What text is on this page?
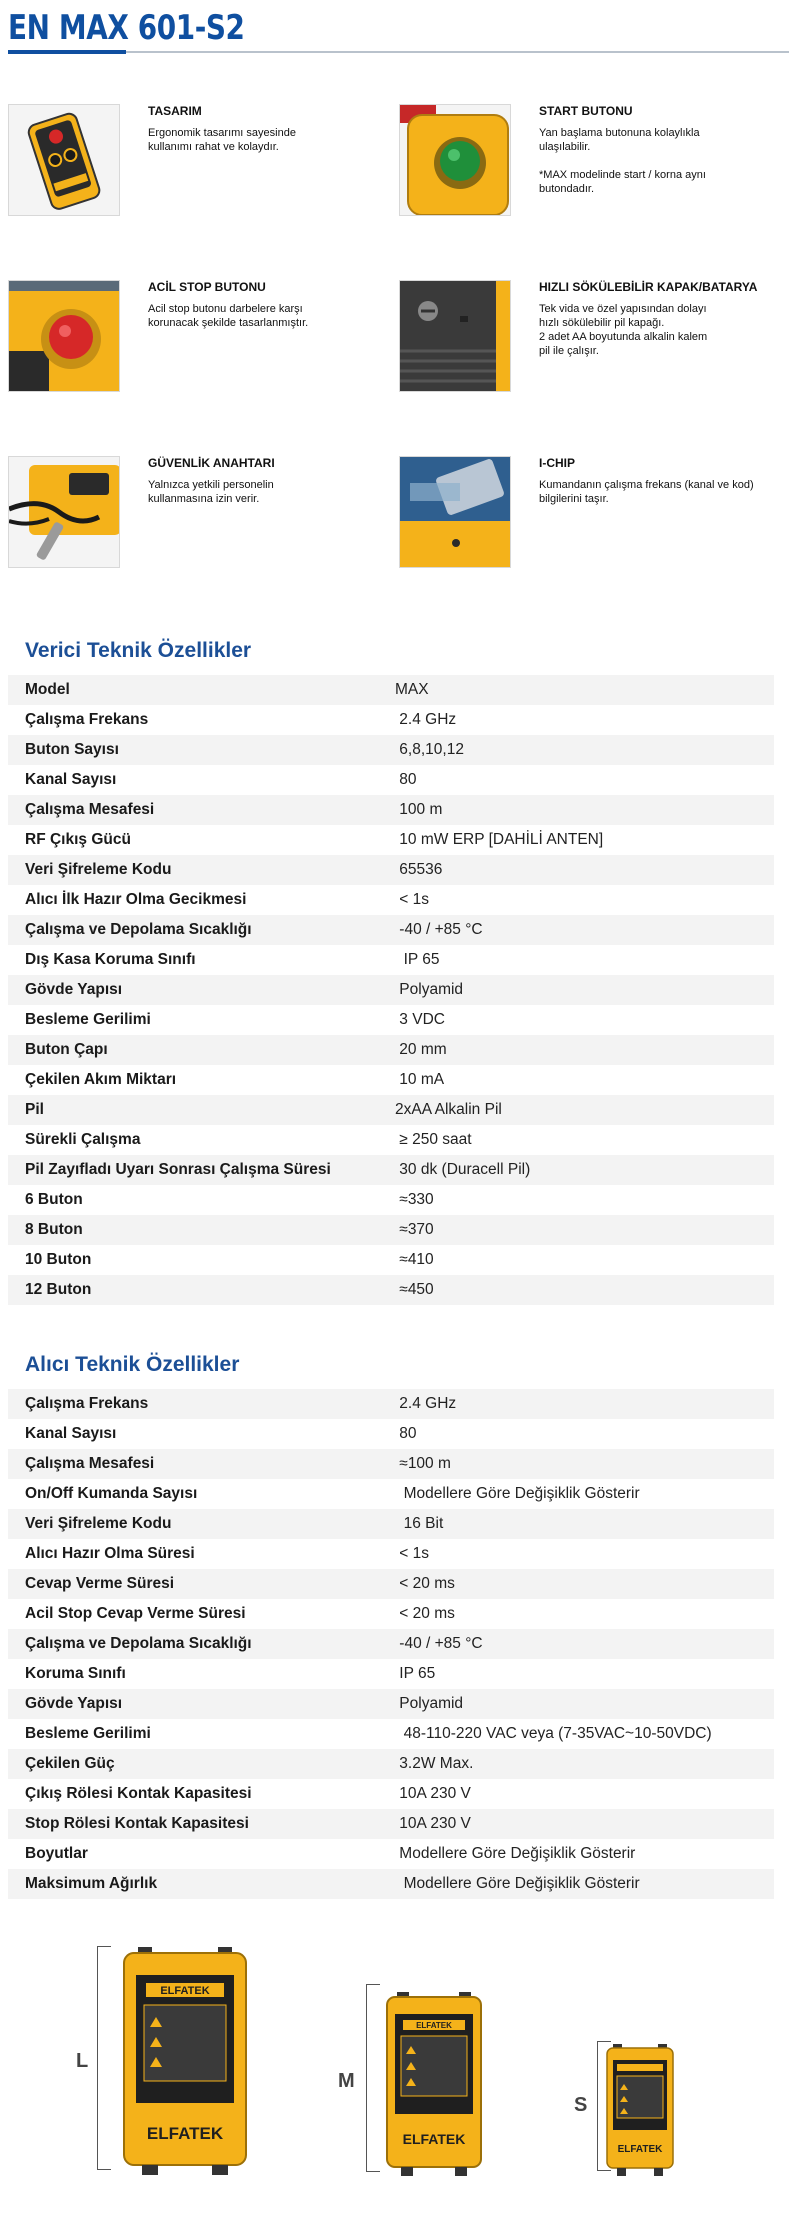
EN MAX 601-S2
TASARIM
Ergonomik tasarımı sayesinde
kullanımı rahat ve kolaydır.
START BUTONU
Yan başlama butonuna kolaylıkla
ulaşılabilir.

*MAX modelinde start / korna aynı
butondadır.
ACİL STOP BUTONU
Acil stop butonu darbelere karşı
korunacak şekilde tasarlanmıştır.
HIZLI SÖKÜLEBİLİR KAPAK/BATARYA
Tek vida ve özel yapısından dolayı
hızlı sökülebilir pil kapağı.
2 adet AA boyutunda alkalin kalem
pil ile çalışır.
GÜVENLİK ANAHTARI
Yalnızca yetkili personelin
kullanmasına izin verir.
I-CHIP
Kumandanın çalışma frekans (kanal ve kod)
bilgilerini taşır.
Verici Teknik Özellikler
Model	MAX
Çalışma Frekans	2.4 GHz
Buton Sayısı	6,8,10,12
Kanal Sayısı	80
Çalışma Mesafesi	100 m
RF Çıkış Gücü	10 mW ERP [DAHİLİ ANTEN]
Veri Şifreleme Kodu	65536
Alıcı İlk Hazır Olma Gecikmesi	< 1s
Çalışma ve Depolama Sıcaklığı	-40 / +85 °C
Dış Kasa Koruma Sınıfı	IP 65
Gövde Yapısı	Polyamid
Besleme Gerilimi	3 VDC
Buton Çapı	20 mm
Çekilen Akım Miktarı	10 mA
Pil	2xAA Alkalin Pil
Sürekli Çalışma	≥ 250 saat
Pil Zayıfladı Uyarı Sonrası Çalışma Süresi	30 dk (Duracell Pil)
6 Buton	≈330
8 Buton	≈370
10 Buton	≈410
12 Buton	≈450
Alıcı Teknik Özellikler
Çalışma Frekans	2.4 GHz
Kanal Sayısı	80
Çalışma Mesafesi	≈100 m
On/Off Kumanda Sayısı	Modellere Göre Değişiklik Gösterir
Veri Şifreleme Kodu	16 Bit
Alıcı Hazır Olma Süresi	< 1s
Cevap Verme Süresi	< 20 ms
Acil Stop Cevap Verme Süresi	< 20 ms
Çalışma ve Depolama Sıcaklığı	-40 / +85 °C
Koruma Sınıfı	IP 65
Gövde Yapısı	Polyamid
Besleme Gerilimi	48-110-220 VAC veya (7-35VAC~10-50VDC)
Çekilen Güç	3.2W Max.
Çıkış Rölesi Kontak Kapasitesi	10A 230 V
Stop Rölesi Kontak Kapasitesi	10A 230 V
Boyutlar	Modellere Göre Değişiklik Gösterir
Maksimum Ağırlık	Modellere Göre Değişiklik Gösterir
L
ELFATEK
ELFATEK
M
ELFATEK
ELFATEK
S
ELFATEK
